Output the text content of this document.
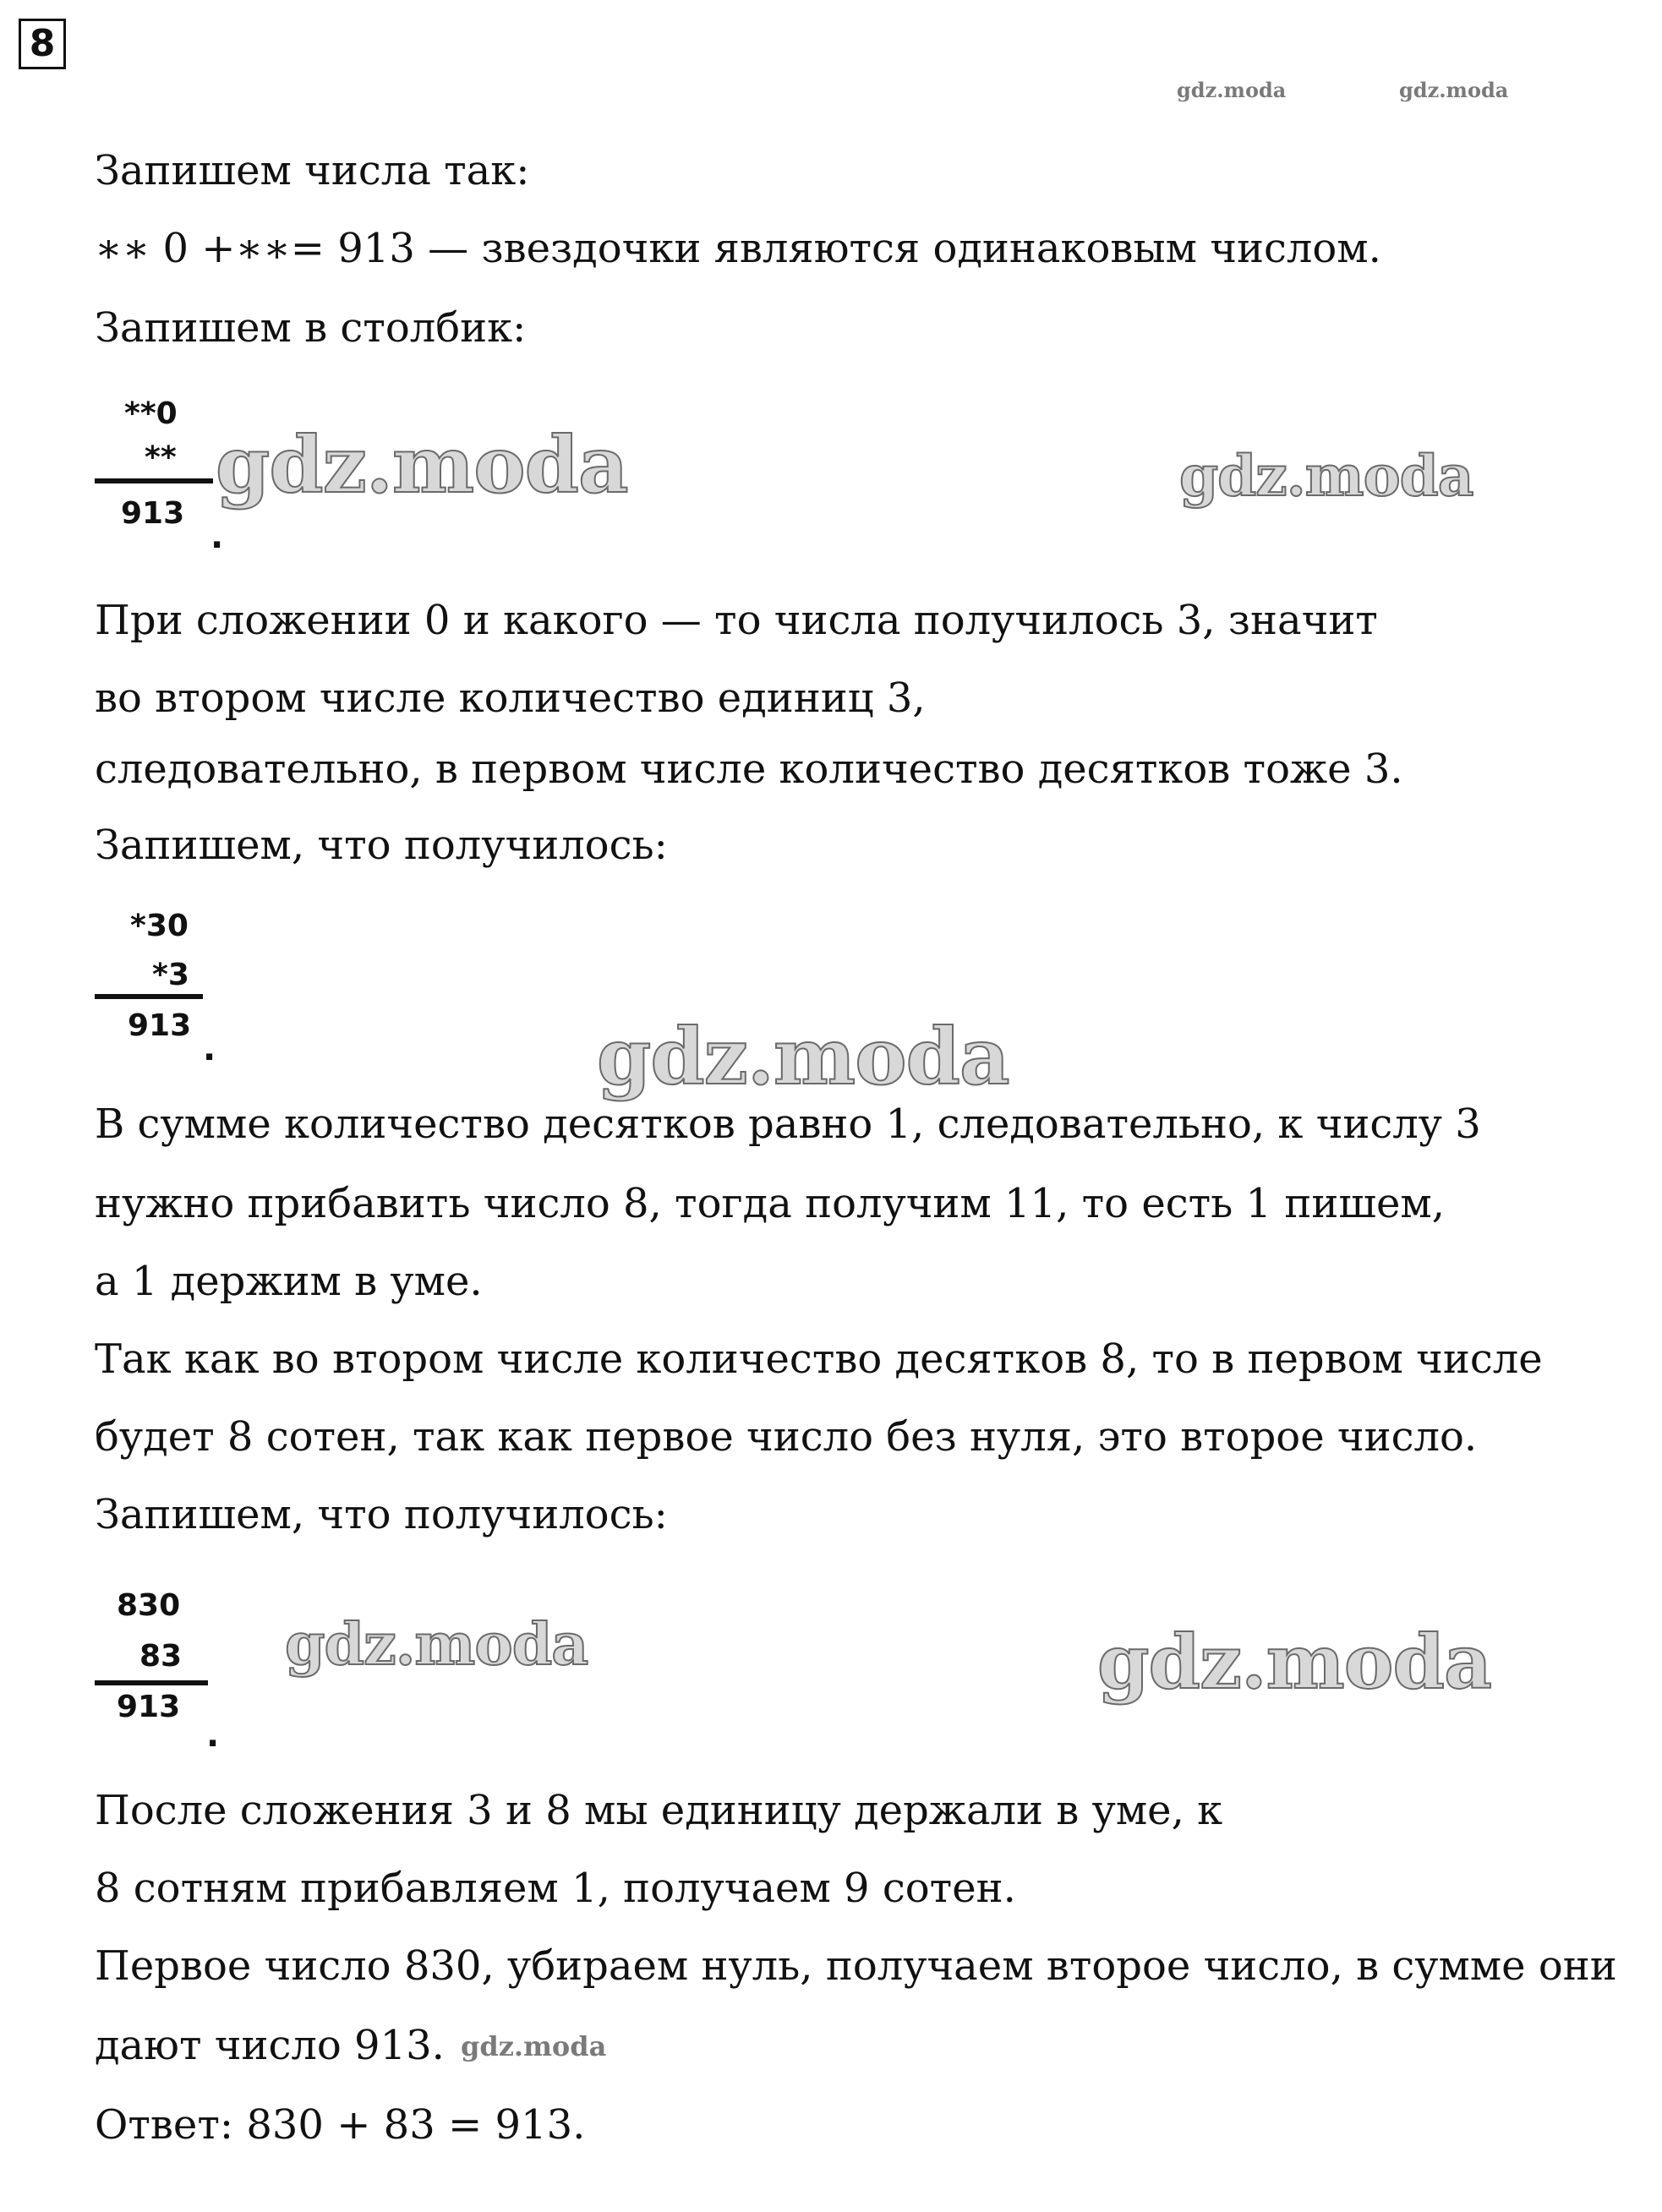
8
gdz.moda	gdz.moda
Запишем числа так:
∗∗ 0 +∗∗= 913 — звездочки являются одинаковым числом.
Запишем в столбик:
**0
**
913
.
gdz.moda	gdz.moda
При сложении 0 и какого — то числа получилось 3, значит
во втором числе количество единиц 3,
следовательно, в первом числе количество десятков тоже 3.
Запишем, что получилось:
*30
*3
913
.	gdz.moda
В сумме количество десятков равно 1, следовательно, к числу 3
нужно прибавить число 8, тогда получим 11, то есть 1 пишем,
а 1 держим в уме.
Так как во втором числе количество десятков 8, то в первом числе
будет 8 сотен, так как первое число без нуля, это второе число.
Запишем, что получилось:
830
83
913
.
gdz.moda	gdz.moda
После сложения 3 и 8 мы единицу держали в уме, к
8 сотням прибавляем 1, получаем 9 сотен.
Первое число 830, убираем нуль, получаем второе число, в сумме они
дают число 913. gdz.moda
Ответ: 830 + 83 = 913.
